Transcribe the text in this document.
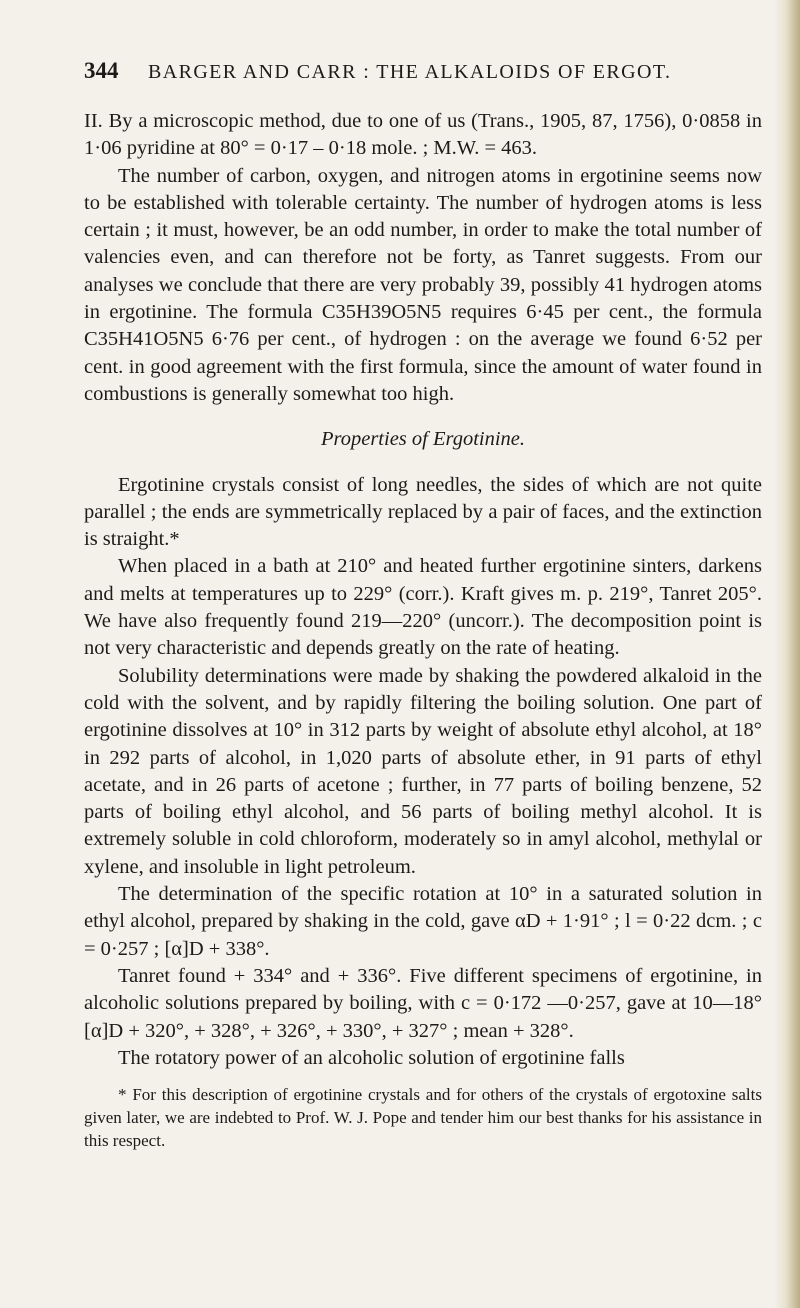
344	BARGER AND CARR : THE ALKALOIDS OF ERGOT.

II. By a microscopic method, due to one of us (Trans., 1905, 87, 1756), 0·0858 in 1·06 pyridine at 80° = 0·17 – 0·18 mole. ; M.W. = 463.

The number of carbon, oxygen, and nitrogen atoms in ergotinine seems now to be established with tolerable certainty. The number of hydrogen atoms is less certain ; it must, however, be an odd number, in order to make the total number of valencies even, and can therefore not be forty, as Tanret suggests. From our analyses we conclude that there are very probably 39, possibly 41 hydrogen atoms in ergotinine. The formula C35H39O5N5 requires 6·45 per cent., the formula C35H41O5N5 6·76 per cent., of hydrogen : on the average we found 6·52 per cent. in good agreement with the first formula, since the amount of water found in combustions is generally somewhat too high.

Properties of Ergotinine.

Ergotinine crystals consist of long needles, the sides of which are not quite parallel ; the ends are symmetrically replaced by a pair of faces, and the extinction is straight.*

When placed in a bath at 210° and heated further ergotinine sinters, darkens and melts at temperatures up to 229° (corr.). Kraft gives m. p. 219°, Tanret 205°. We have also frequently found 219—220° (uncorr.). The decomposition point is not very characteristic and depends greatly on the rate of heating.

Solubility determinations were made by shaking the powdered alkaloid in the cold with the solvent, and by rapidly filtering the boiling solution. One part of ergotinine dissolves at 10° in 312 parts by weight of absolute ethyl alcohol, at 18° in 292 parts of alcohol, in 1,020 parts of absolute ether, in 91 parts of ethyl acetate, and in 26 parts of acetone ; further, in 77 parts of boiling benzene, 52 parts of boiling ethyl alcohol, and 56 parts of boiling methyl alcohol. It is extremely soluble in cold chloroform, moderately so in amyl alcohol, methylal or xylene, and insoluble in light petroleum.

The determination of the specific rotation at 10° in a saturated solution in ethyl alcohol, prepared by shaking in the cold, gave αD + 1·91° ; l = 0·22 dcm. ; c = 0·257 ; [α]D + 338°.

Tanret found + 334° and + 336°. Five different specimens of ergotinine, in alcoholic solutions prepared by boiling, with c = 0·172 —0·257, gave at 10—18° [α]D + 320°, + 328°, + 326°, + 330°, + 327° ; mean + 328°.

The rotatory power of an alcoholic solution of ergotinine falls

* For this description of ergotinine crystals and for others of the crystals of ergotoxine salts given later, we are indebted to Prof. W. J. Pope and tender him our best thanks for his assistance in this respect.
